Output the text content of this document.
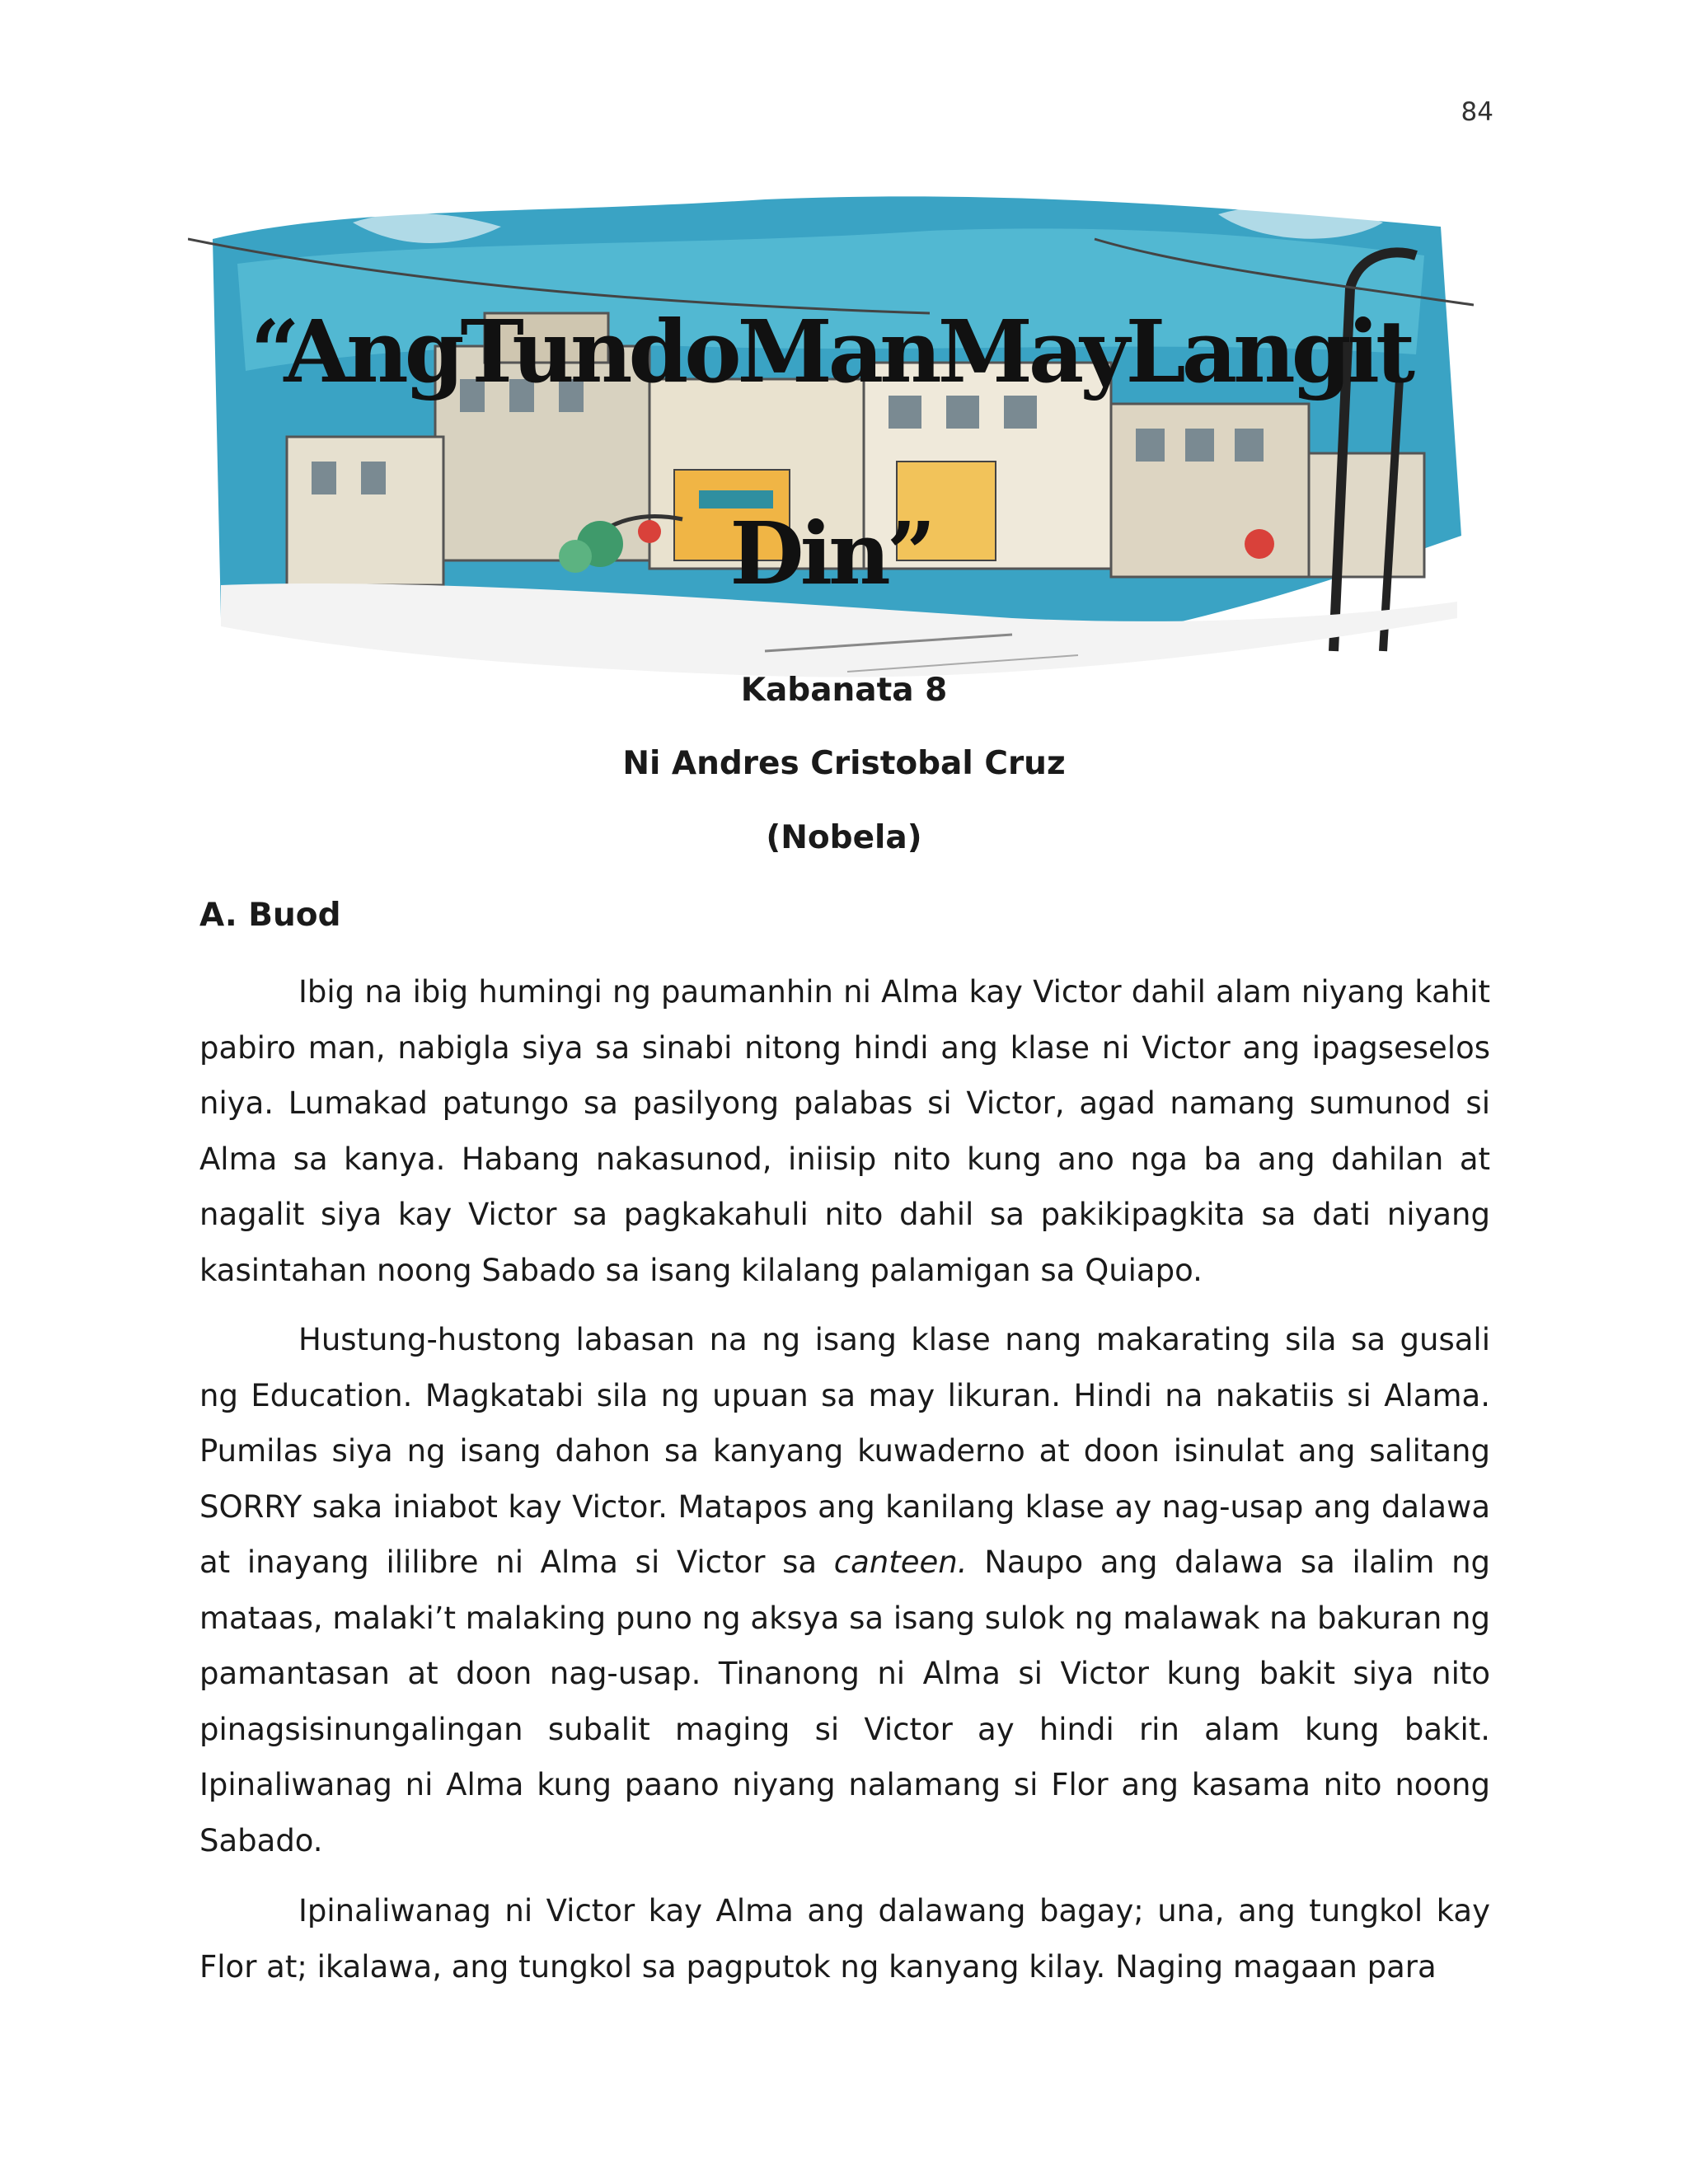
84
“AngTundoManMayLangit
Din”

Kabanata 8

Ni Andres Cristobal Cruz

(Nobela)

A. Buod

Ibig na ibig humingi ng paumanhin ni Alma kay Victor dahil alam niyang kahit pabiro man, nabigla siya sa sinabi nitong hindi ang klase ni Victor ang ipagseselos niya. Lumakad patungo sa pasilyong palabas si Victor, agad namang sumunod si Alma sa kanya. Habang nakasunod, iniisip nito kung ano nga ba ang dahilan at nagalit siya kay Victor sa pagkakahuli nito dahil sa pakikipagkita sa dati niyang kasintahan noong Sabado sa isang kilalang palamigan sa Quiapo.

Hustung-hustong labasan na ng isang klase nang makarating sila sa gusali ng Education. Magkatabi sila ng upuan sa may likuran. Hindi na nakatiis si Alama. Pumilas siya ng isang dahon sa kanyang kuwaderno at doon isinulat ang salitang SORRY saka iniabot kay Victor. Matapos ang kanilang klase ay nag-usap ang dalawa at inayang ililibre ni Alma si Victor sa canteen. Naupo ang dalawa sa ilalim ng mataas, malaki’t malaking puno ng aksya sa isang sulok ng malawak na bakuran ng pamantasan at doon nag-usap. Tinanong ni Alma si Victor kung bakit siya nito pinagsisinungalingan subalit maging si Victor ay hindi rin alam kung bakit. Ipinaliwanag ni Alma kung paano niyang nalamang si Flor ang kasama nito noong Sabado.

Ipinaliwanag ni Victor kay Alma ang dalawang bagay; una, ang tungkol kay Flor at; ikalawa, ang tungkol sa pagputok ng kanyang kilay. Naging magaan para
